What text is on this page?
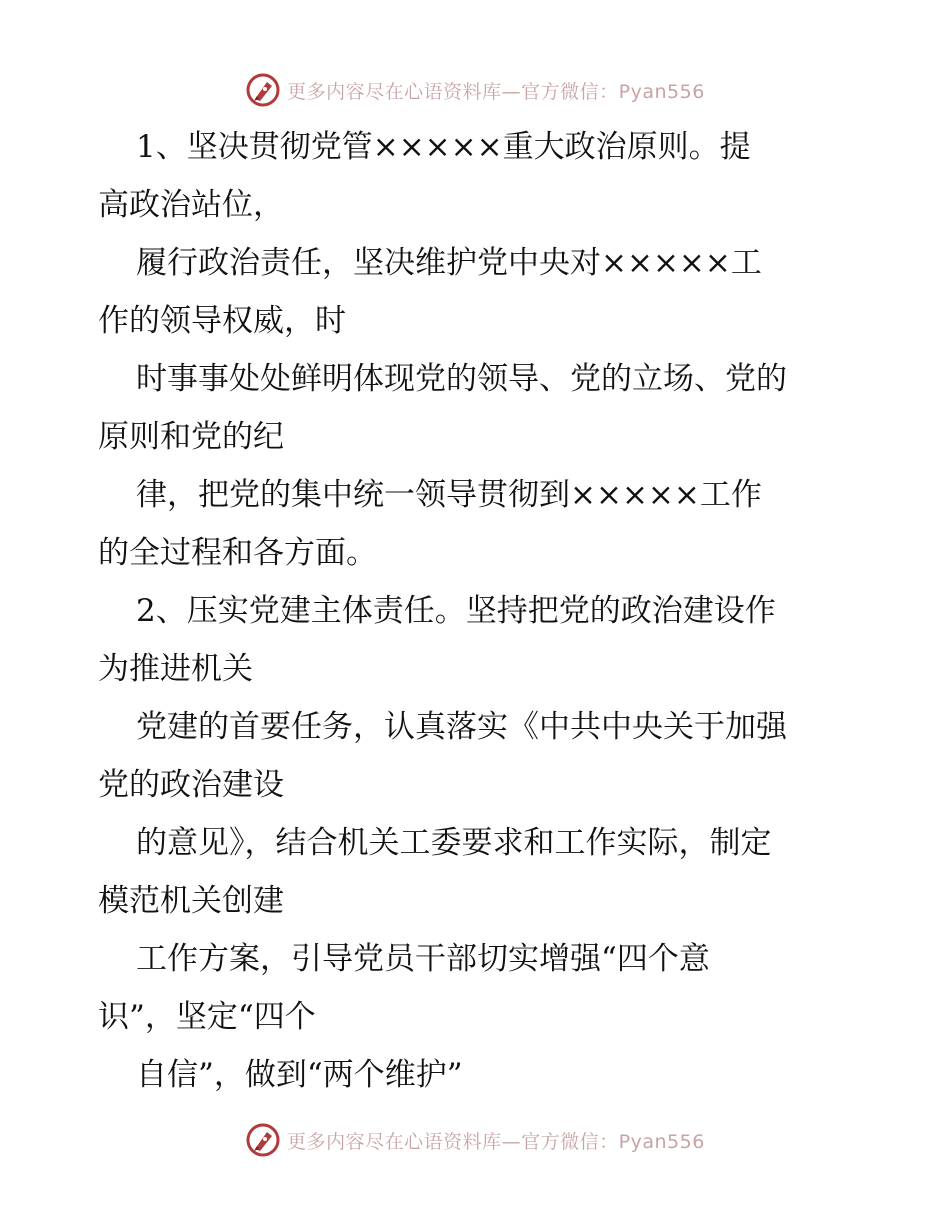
更多内容尽在心语资料库—官方微信：Pyan556

1、坚决贯彻党管×××××重大政治原则。提

高政治站位，

履行政治责任，坚决维护党中央对×××××工

作的领导权威，时

时事事处处鲜明体现党的领导、党的立场、党的

原则和党的纪

律，把党的集中统一领导贯彻到×××××工作

的全过程和各方面。

2、压实党建主体责任。坚持把党的政治建设作

为推进机关

党建的首要任务，认真落实《中共中央关于加强

党的政治建设

的意见》，结合机关工委要求和工作实际，制定

模范机关创建

工作方案，引导党员干部切实增强“四个意

识”，坚定“四个

自信”，做到“两个维护”

更多内容尽在心语资料库—官方微信：Pyan556
